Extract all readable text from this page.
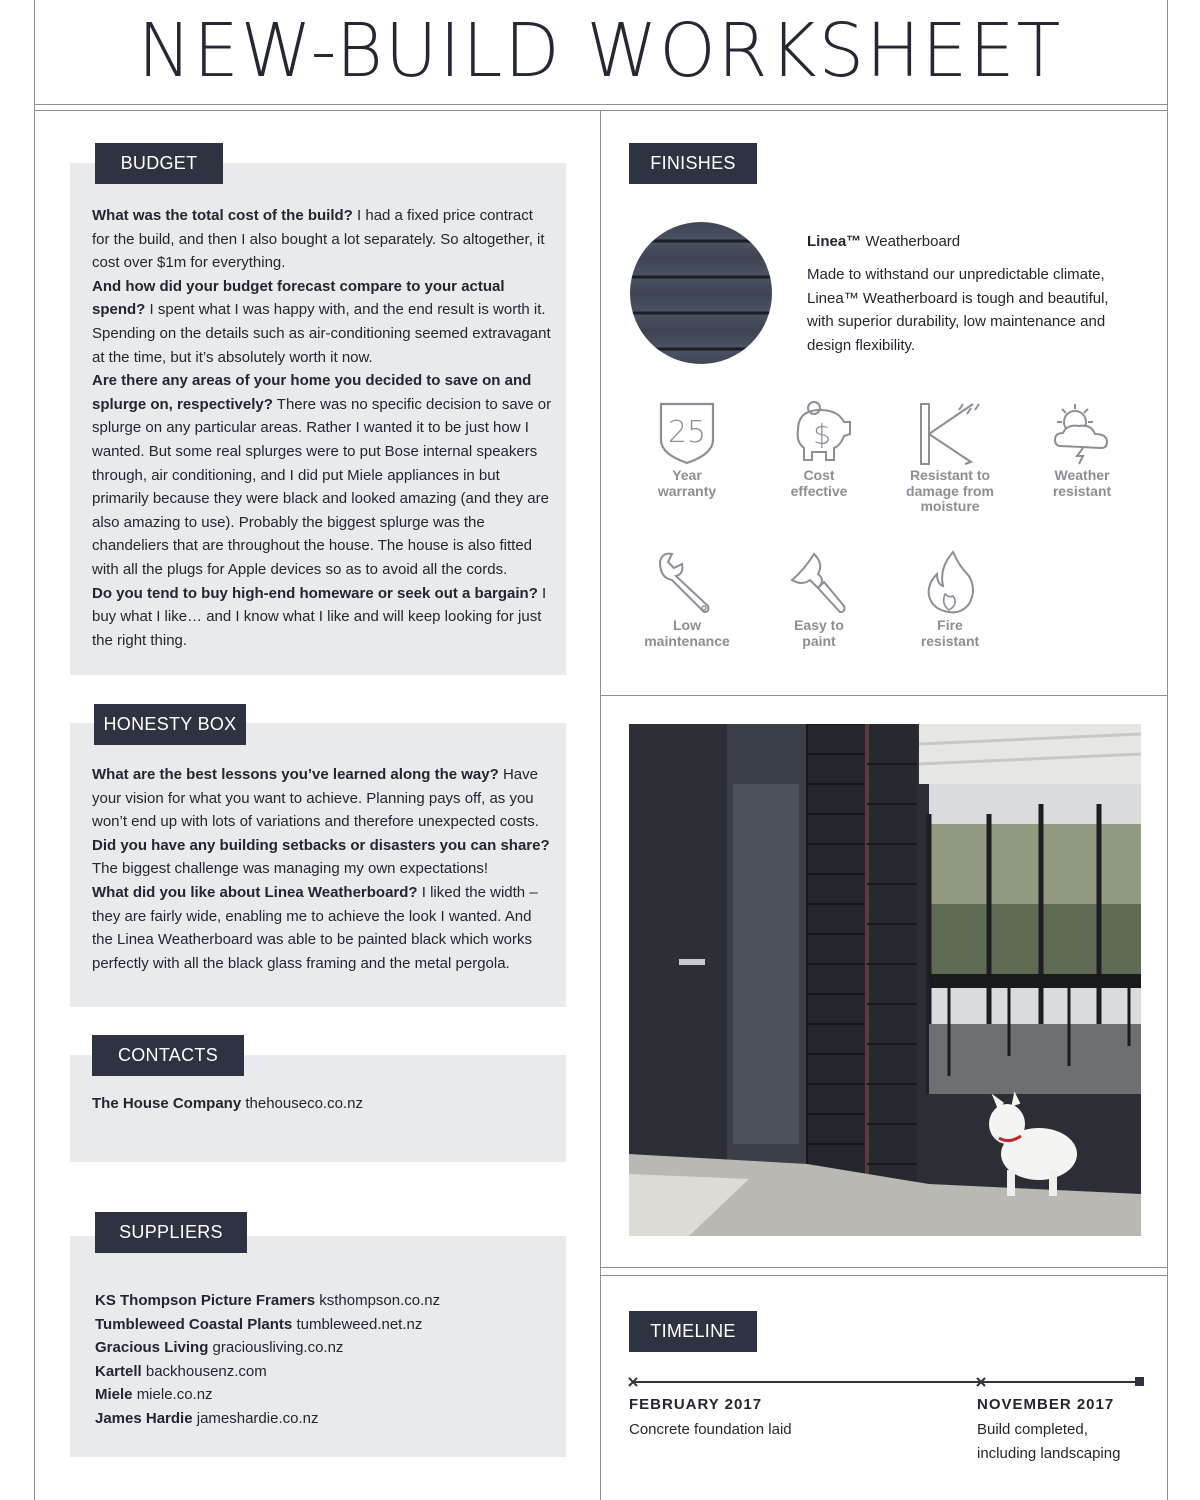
NEW-BUILD WORKSHEET
BUDGET

What was the total cost of the build? I had a fixed price contract for the build, and then I also bought a lot separately. So altogether, it cost over $1m for everything.

And how did your budget forecast compare to your actual spend? I spent what I was happy with, and the end result is worth it. Spending on the details such as air-conditioning seemed extravagant at the time, but it’s absolutely worth it now.

Are there any areas of your home you decided to save on and splurge on, respectively? There was no specific decision to save or splurge on any particular areas. Rather I wanted it to be just how I wanted. But some real splurges were to put Bose internal speakers through, air conditioning, and I did put Miele appliances in but primarily because they were black and looked amazing (and they are also amazing to use). Probably the biggest splurge was the chandeliers that are throughout the house. The house is also fitted with all the plugs for Apple devices so as to avoid all the cords.

Do you tend to buy high-end homeware or seek out a bargain? I buy what I like… and I know what I like and will keep looking for just the right thing.

HONESTY BOX

What are the best lessons you’ve learned along the way? Have your vision for what you want to achieve. Planning pays off, as you won’t end up with lots of variations and therefore unexpected costs.

Did you have any building setbacks or disasters you can share? The biggest challenge was managing my own expectations!

What did you like about Linea Weatherboard? I liked the width – they are fairly wide, enabling me to achieve the look I wanted. And the Linea Weatherboard was able to be painted black which works perfectly with all the black glass framing and the metal pergola.

CONTACTS

The House Company thehouseco.co.nz

SUPPLIERS

KS Thompson Picture Framers ksthompson.co.nz

Tumbleweed Coastal Plants tumbleweed.net.nz

Gracious Living graciousliving.co.nz

Kartell backhousenz.com

Miele miele.co.nz

James Hardie jameshardie.co.nz

FINISHES
Linea™ Weatherboard
Made to withstand our unpredictable climate, Linea™ Weatherboard is tough and beautiful, with superior durability, low maintenance and design flexibility.
25
Year warranty
$
Cost effective
Resistant to damage from moisture
Weather resistant
Low maintenance
Easy to paint
Fire resistant
TIMELINE
FEBRUARY 2017
Concrete foundation laid
NOVEMBER 2017
Build completed, including landscaping
